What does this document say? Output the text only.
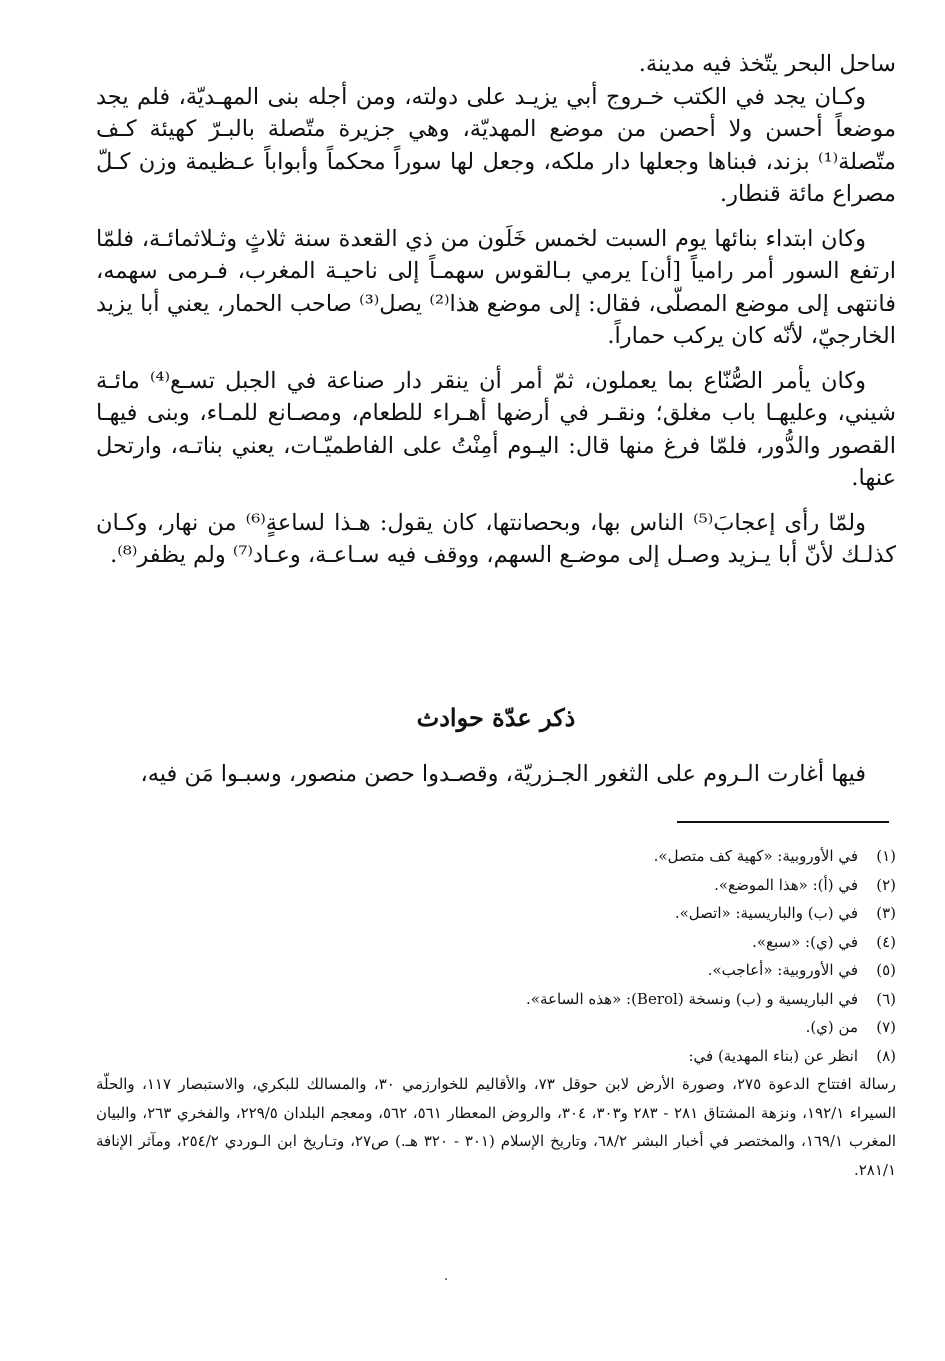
ساحل البحر يتّخذ فيه مدينة.

وكـان يجد في الكتب خـروج أبي يزيـد على دولته، ومن أجله بنى المهـديّة، فلم يجد موضعاً أحسن ولا أحصن من موضع المهديّة، وهي جزيرة متّصلة بالبـرّ كهيئة كـف متّصلة⁽¹⁾ بزند، فبناها وجعلها دار ملكه، وجعل لها سوراً محكماً وأبواباً عـظيمة وزن كـلّ مصراع مائة قنطار.

وكان ابتداء بنائها يوم السبت لخمس خَلَون من ذي القعدة سنة ثلاثٍ وثـلاثمائـة، فلمّا ارتفع السور أمر رامياً [أن] يرمي بـالقوس سهمـاً إلى ناحيـة المغرب، فـرمى سهمه، فانتهى إلى موضع المصلّى، فقال: إلى موضع هذا⁽²⁾ يصل⁽³⁾ صاحب الحمار، يعني أبا يزيد الخارجيّ، لأنّه كان يركب حماراً.

وكان يأمر الصُّنّاع بما يعملون، ثمّ أمر أن ينقر دار صناعة في الجبل تسـع⁽⁴⁾ مائـة شيني، وعليهـا باب مغلق؛ ونقـر في أرضها أهـراء للطعام، ومصـانع للمـاء، وبنى فيهـا القصور والدُّور، فلمّا فرغ منها قال: اليـوم أمِنْتُ على الفاطميّـات، يعني بناتـه، وارتحل عنها.

ولمّا رأى إعجابَ⁽⁵⁾ الناس بها، وبحصانتها، كان يقول: هـذا لساعةٍ⁽⁶⁾ من نهار، وكـان كذلـك لأنّ أبا يـزيد وصـل إلى موضـع السهم، ووقف فيه سـاعـة، وعـاد⁽⁷⁾ ولم يظفر⁽⁸⁾.

ذكر عدّة حوادث

فيها أغارت الـروم على الثغور الجـزريّة، وقصـدوا حصن منصور، وسبـوا مَن فيه،

(١)
في الأوروبية: «كهية كف متصل».
(٢)
في (أ): «هذا الموضع».
(٣)
في (ب) والباريسية: «اتصل».
(٤)
في (ي): «سبع».
(٥)
في الأوروبية: «أعاجب».
(٦)
في الباريسية و (ب) ونسخة (Berol): «هذه الساعة».
(٧)
من (ي).
(٨)
انظر عن (بناء المهدية) في:
رسالة افتتاح الدعوة ٢٧٥، وصورة الأرض لابن حوقل ٧٣، والأقاليم للخوارزمي ٣٠، والمسالك للبكري، والاستبصار ١١٧، والحلّة السيراء ١٩٢/١، ونزهة المشتاق ٢٨١ - ٢٨٣ و٣٠٣، ٣٠٤، والروض المعطار ٥٦١، ٥٦٢، ومعجم البلدان ٢٢٩/٥، والفخري ٢٦٣، والبيان المغرب ١٦٩/١، والمختصر في أخبار البشر ٦٨/٢، وتاريخ الإسلام (٣٠١ - ٣٢٠ هـ.) ص٢٧، وتـاريخ ابن الـوردي ٢٥٤/٢، ومآثر الإنافة ٢٨١/١.
